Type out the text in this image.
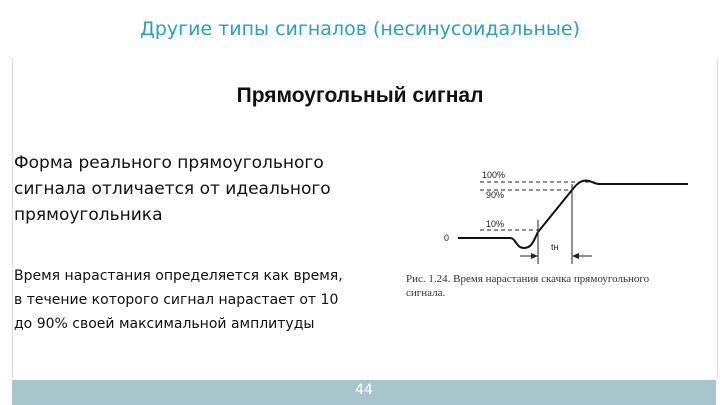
Другие типы сигналов (несинусоидальные)
Прямоугольный сигнал
Форма реального прямоугольного
сигнала отличается от идеального
прямоугольника
Время нарастания определяется как время,
в течение которого сигнал нарастает от 10
до 90% своей максимальной амплитуды
100%
90%
10%
0
tн
Рис. 1.24. Время нарастания скачка прямоугольного
сигнала.
44
